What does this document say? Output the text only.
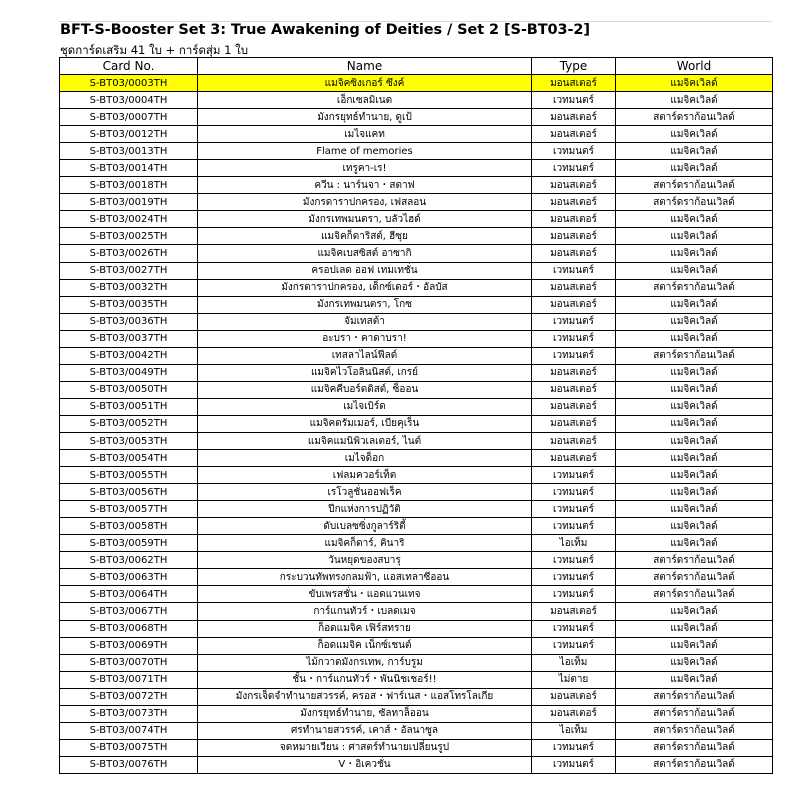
BFT-S-Booster Set 3: True Awakening of Deities / Set 2 [S-BT03-2]
ชุดการ์ดเสริม 41 ใบ + การ์ดสุ่ม 1 ใบ
Card No.	Name	Type	World
S-BT03/0003TH	แมจิคซิงเกอร์ ซึงค์	มอนสเตอร์	แมจิคเวิลด์
S-BT03/0004TH	เอ็กเซลมิเนต	เวทมนตร์	แมจิคเวิลด์
S-BT03/0007TH	มังกรยุทธ์ทำนาย, ดูเป้	มอนสเตอร์	สตาร์ดราก้อนเวิลด์
S-BT03/0012TH	เมไจแคท	มอนสเตอร์	แมจิคเวิลด์
S-BT03/0013TH	Flame of memories	เวทมนตร์	แมจิคเวิลด์
S-BT03/0014TH	เทรูคา-เร!	เวทมนตร์	แมจิคเวิลด์
S-BT03/0018TH	ควีน : นาร์นจา・สตาฟ	มอนสเตอร์	สตาร์ดราก้อนเวิลด์
S-BT03/0019TH	มังกรดาราปกครอง, เฟสลอน	มอนสเตอร์	สตาร์ดราก้อนเวิลด์
S-BT03/0024TH	มังกรเทพมนตรา, บลัวไฮด์	มอนสเตอร์	แมจิคเวิลด์
S-BT03/0025TH	แมจิคก็ดาริสต์, ฮีซุย	มอนสเตอร์	แมจิคเวิลด์
S-BT03/0026TH	แมจิคเบสซิสต์ อาซากิ	มอนสเตอร์	แมจิคเวิลด์
S-BT03/0027TH	ครอปเลด ออฟ เทมเทชั่น	เวทมนตร์	แมจิคเวิลด์
S-BT03/0032TH	มังกรดาราปกครอง, เด็กซ์เดอร์・อัลบัส	มอนสเตอร์	สตาร์ดราก้อนเวิลด์
S-BT03/0035TH	มังกรเทพมนตรา, โกซ	มอนสเตอร์	แมจิคเวิลด์
S-BT03/0036TH	จัมเทสต้า	เวทมนตร์	แมจิคเวิลด์
S-BT03/0037TH	อะบรา・คาดาบรา!	เวทมนตร์	แมจิคเวิลด์
S-BT03/0042TH	เทสลาไลน์ฟีลด์	เวทมนตร์	สตาร์ดราก้อนเวิลด์
S-BT03/0049TH	แมจิคไวโอลินนิสต์, เกรย์	มอนสเตอร์	แมจิคเวิลด์
S-BT03/0050TH	แมจิคคีบอร์ดดิสต์, ซ็ออน	มอนสเตอร์	แมจิคเวิลด์
S-BT03/0051TH	เมไจเบิร์ด	มอนสเตอร์	แมจิคเวิลด์
S-BT03/0052TH	แมจิคดรัมเมอร์, เบียคุเร็น	มอนสเตอร์	แมจิคเวิลด์
S-BT03/0053TH	แมจิคแมนิพิวเลเตอร์, ไนต์	มอนสเตอร์	แมจิคเวิลด์
S-BT03/0054TH	เมไจด็อก	มอนสเตอร์	แมจิคเวิลด์
S-BT03/0055TH	เฟลมควอร์เท็ต	เวทมนตร์	แมจิคเวิลด์
S-BT03/0056TH	เรโวลูชั่นออฟเร็ค	เวทมนตร์	แมจิคเวิลด์
S-BT03/0057TH	ปีกแห่งการปฏิวัติ	เวทมนตร์	แมจิคเวิลด์
S-BT03/0058TH	ดับเบลซซิ่งกูลาร์ริตี้	เวทมนตร์	แมจิคเวิลด์
S-BT03/0059TH	แมจิคก็ดาร์, คินาริ	ไอเท็ม	แมจิคเวิลด์
S-BT03/0062TH	วันหยุดของสบารุ	เวทมนตร์	สตาร์ดราก้อนเวิลด์
S-BT03/0063TH	กระบวนทัพทรงกลมฟ้า, แอสเทลาซีออน	เวทมนตร์	สตาร์ดราก้อนเวิลด์
S-BT03/0064TH	ขับเพรสชั่น・แอดแวนเทจ	เวทมนตร์	สตาร์ดราก้อนเวิลด์
S-BT03/0067TH	การ์แกนทัวร์・เบลดเมจ	มอนสเตอร์	แมจิคเวิลด์
S-BT03/0068TH	ก็อดแมจิค เฟิร์สทราย	เวทมนตร์	แมจิคเวิลด์
S-BT03/0069TH	ก็อดแมจิค เน็กซ์เชนต์	เวทมนตร์	แมจิคเวิลด์
S-BT03/0070TH	ไม้กวาดมังกรเทพ, การ์บรูม	ไอเท็ม	แมจิคเวิลด์
S-BT03/0071TH	ชั้น・การ์แกนทัวร์・พันนิชเชอร์!!	ไม่ตาย	แมจิคเวิลด์
S-BT03/0072TH	มังกรเจ็ดจำทำนายสวรรค์, ครอส・ฟาร์เนส・แอสโทรโลเกีย	มอนสเตอร์	สตาร์ดราก้อนเวิลด์
S-BT03/0073TH	มังกรยุทธ์ทำนาย, ซัลทาล็ออน	มอนสเตอร์	สตาร์ดราก้อนเวิลด์
S-BT03/0074TH	ศรทำนายสวรรค์, เคาส์・อัลนาซูล	ไอเท็ม	สตาร์ดราก้อนเวิลด์
S-BT03/0075TH	จดหมายเวียน : ศาสตร์ทำนายเปลี่ยนรูป	เวทมนตร์	สตาร์ดราก้อนเวิลด์
S-BT03/0076TH	V・อิเควชั่น	เวทมนตร์	สตาร์ดราก้อนเวิลด์
